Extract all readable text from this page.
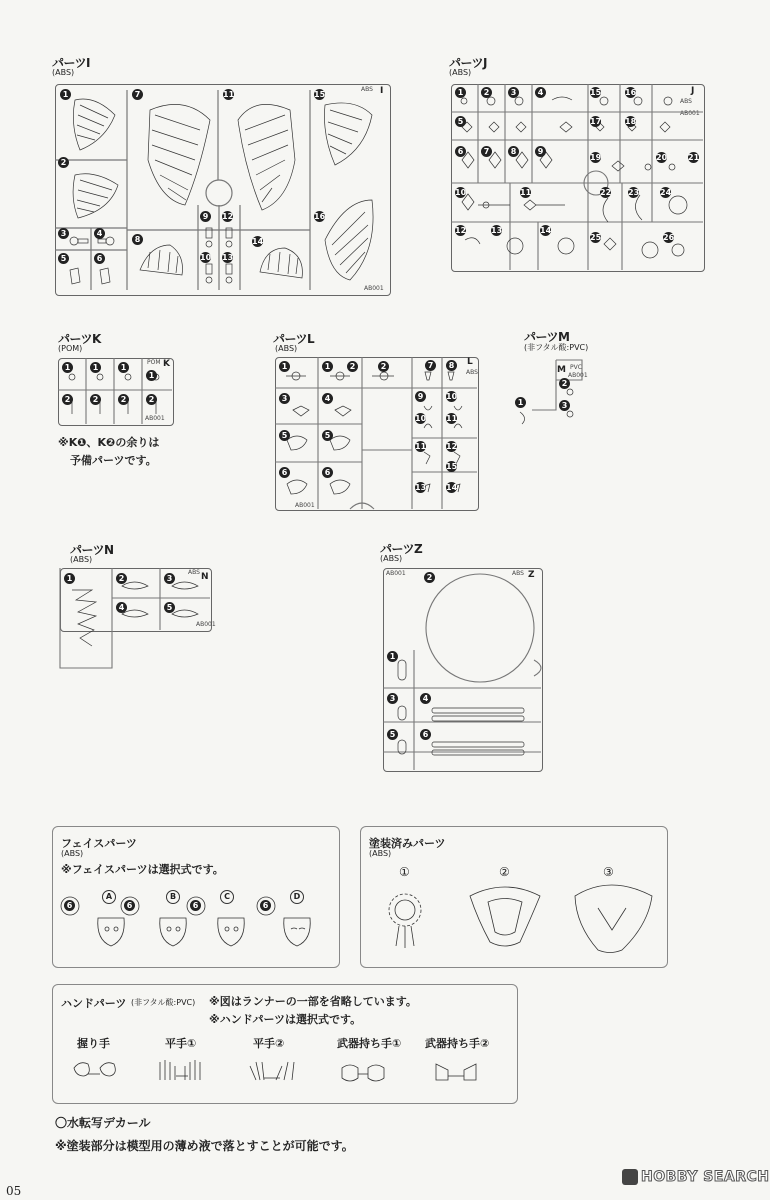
パーツI
(ABS)
ABS I
AB001
1
2
3	4
5	6
7
8
9
10
11
12
13
14
15
16
パーツJ
(ABS)
J
ABS
AB001
1	2	3	4
5
6	7	8	9
10	11
12	13	14
15	16
17	18
19	20	21
22 23	24
25	26
パーツK
(POM)
POM K
AB001
1	1	1
1
2	2	2	2
※K❶、K❷の余りは
予備パーツです。
パーツL
(ABS)
L
ABS
AB001
1	1	2	2
3	4
5	5
6	6
7	8
9	10
10 11
11 12
13 14
15
パーツM
(非フタル酸:PVC)
M PVC
AB001
2
3
1
パーツN
(ABS)
N
ABS
AB001
1	2	3
4	5
パーツZ
(ABS)
Z
ABS
AB001	2
1
3	4
5	6
フェイスパーツ
(ABS)
※フェイスパーツは選択式です。
6	6	6	6
A	B	C	D
塗装済みパーツ
(ABS)
①	②	③
ハンドパーツ (非フタル酸:PVC) ※図はランナーの一部を省略しています。
※ハンドパーツは選択式です。
握り手	平手①	平手②	武器持ち手① 武器持ち手②
〇水転写デカール
※塗装部分は模型用の薄め液で落とすことが可能です。
05
HOBBY SEARCH
